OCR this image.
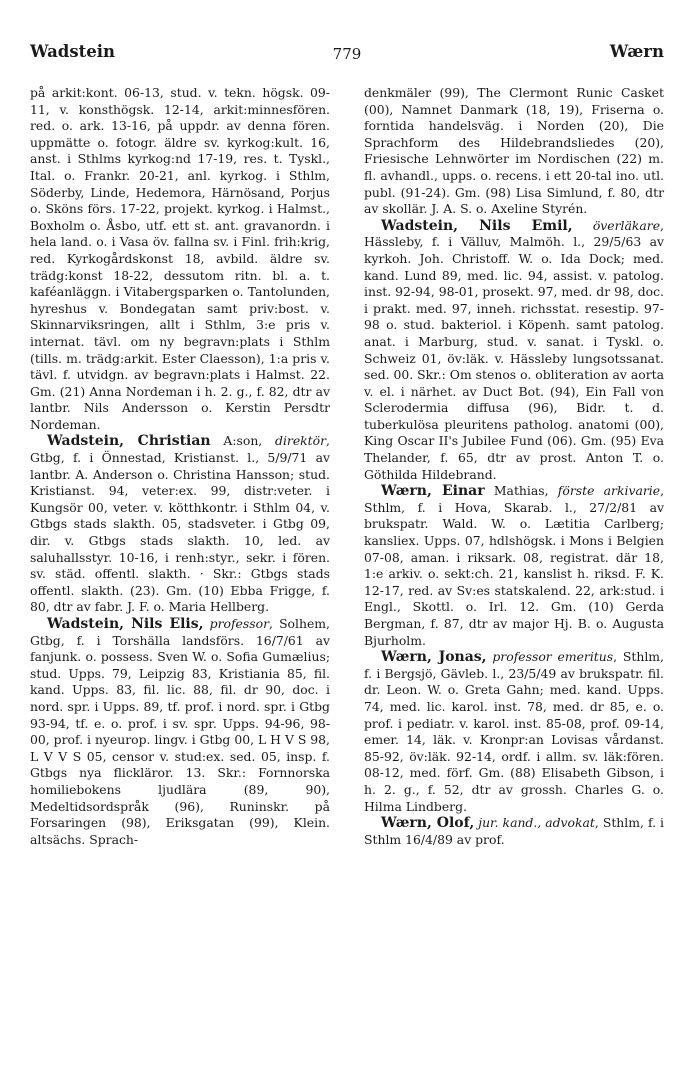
Wadstein	779	Wærn

på arkit:kont. 06-13, stud. v. tekn. högsk. 09-11, v. konsthögsk. 12-14, arkit:minnesfören. red. o. ark. 13-16, på uppdr. av denna fören. uppmätte o. fotogr. äldre sv. kyrkog:kult. 16, anst. i Sthlms kyrkog:nd 17-19, res. t. Tyskl., Ital. o. Frankr. 20-21, anl. kyrkog. i Sthlm, Söderby, Linde, Hedemora, Härnösand, Porjus o. Sköns förs. 17-22, projekt. kyrkog. i Halmst., Boxholm o. Åsbo, utf. ett st. ant. gravanordn. i hela land. o. i Vasa öv. fallna sv. i Finl. frih:krig, red. Kyrkogårdskonst 18, avbild. äldre sv. trädg:konst 18-22, dessutom ritn. bl. a. t. kaféanläggn. i Vitabergsparken o. Tantolunden, hyreshus v. Bondegatan samt priv:bost. v. Skinnarviksringen, allt i Sthlm, 3:e pris v. internat. tävl. om ny begravn:plats i Sthlm (tills. m. trädg:arkit. Ester Claesson), 1:a pris v. tävl. f. utvidgn. av begravn:plats i Halmst. 22. Gm. (21) Anna Nordeman i h. 2. g., f. 82, dtr av lantbr. Nils Andersson o. Kerstin Persdtr Nordeman.

Wadstein, Christian A:son, direktör, Gtbg, f. i Önnestad, Kristianst. l., 5/9/71 av lantbr. A. Anderson o. Christina Hansson; stud. Kristianst. 94, veter:ex. 99, distr:veter. i Kungsör 00, veter. v. kötthkontr. i Sthlm 04, v. Gtbgs stads slakth. 05, stadsveter. i Gtbg 09, dir. v. Gtbgs stads slakth. 10, led. av saluhallsstyr. 10-16, i renh:styr., sekr. i fören. sv. städ. offentl. slakth. · Skr.: Gtbgs stads offentl. slakth. (23). Gm. (10) Ebba Frigge, f. 80, dtr av fabr. J. F. o. Maria Hellberg.

Wadstein, Nils Elis, professor, Solhem, Gtbg, f. i Torshälla landsförs. 16/7/61 av fanjunk. o. possess. Sven W. o. Sofia Gumælius; stud. Upps. 79, Leipzig 83, Kristiania 85, fil. kand. Upps. 83, fil. lic. 88, fil. dr 90, doc. i nord. spr. i Upps. 89, tf. prof. i nord. spr. i Gtbg 93-94, tf. e. o. prof. i sv. spr. Upps. 94-96, 98-00, prof. i nyeurop. lingv. i Gtbg 00, L H V S 98, L V V S 05, censor v. stud:ex. sed. 05, insp. f. Gtbgs nya flickläror. 13. Skr.: Fornnorska homiliebokens ljudlära (89, 90), Medeltidsordspråk (96), Runinskr. på Forsaringen (98), Eriksgatan (99), Klein. altsächs. Sprach-

denkmäler (99), The Clermont Runic Casket (00), Namnet Danmark (18, 19), Friserna o. forntida handelsväg. i Norden (20), Die Sprachform des Hildebrandsliedes (20), Friesische Lehnwörter im Nordischen (22) m. fl. avhandl., upps. o. recens. i ett 20-tal ino. utl. publ. (91-24). Gm. (98) Lisa Simlund, f. 80, dtr av skollär. J. A. S. o. Axeline Styrén.

Wadstein, Nils Emil, överläkare, Hässleby, f. i Välluv, Malmöh. l., 29/5/63 av kyrkoh. Joh. Christoff. W. o. Ida Dock; med. kand. Lund 89, med. lic. 94, assist. v. patolog. inst. 92-94, 98-01, prosekt. 97, med. dr 98, doc. i prakt. med. 97, inneh. richsstat. resestip. 97-98 o. stud. bakteriol. i Köpenh. samt patolog. anat. i Marburg, stud. v. sanat. i Tyskl. o. Schweiz 01, öv:läk. v. Hässleby lungsotssanat. sed. 00. Skr.: Om stenos o. obliteration av aorta v. el. i närhet. av Duct Bot. (94), Ein Fall von Sclerodermia diffusa (96), Bidr. t. d. tuberkulösa pleuritens patholog. anatomi (00), King Oscar II's Jubilee Fund (06). Gm. (95) Eva Thelander, f. 65, dtr av prost. Anton T. o. Göthilda Hildebrand.

Wærn, Einar Mathias, förste arkivarie, Sthlm, f. i Hova, Skarab. l., 27/2/81 av brukspatr. Wald. W. o. Lætitia Carlberg; kansliex. Upps. 07, hdlshögsk. i Mons i Belgien 07-08, aman. i riksark. 08, registrat. där 18, 1:e arkiv. o. sekt:ch. 21, kanslist h. riksd. F. K. 12-17, red. av Sv:es statskalend. 22, ark:stud. i Engl., Skottl. o. Irl. 12. Gm. (10) Gerda Bergman, f. 87, dtr av major Hj. B. o. Augusta Bjurholm.

Wærn, Jonas, professor emeritus, Sthlm, f. i Bergsjö, Gävleb. l., 23/5/49 av brukspatr. fil. dr. Leon. W. o. Greta Gahn; med. kand. Upps. 74, med. lic. karol. inst. 78, med. dr 85, e. o. prof. i pediatr. v. karol. inst. 85-08, prof. 09-14, emer. 14, läk. v. Kronpr:an Lovisas vårdanst. 85-92, öv:läk. 92-14, ordf. i allm. sv. läk:fören. 08-12, med. förf. Gm. (88) Elisabeth Gibson, i h. 2. g., f. 52, dtr av grossh. Charles G. o. Hilma Lindberg.

Wærn, Olof, jur. kand., advokat, Sthlm, f. i Sthlm 16/4/89 av prof.
